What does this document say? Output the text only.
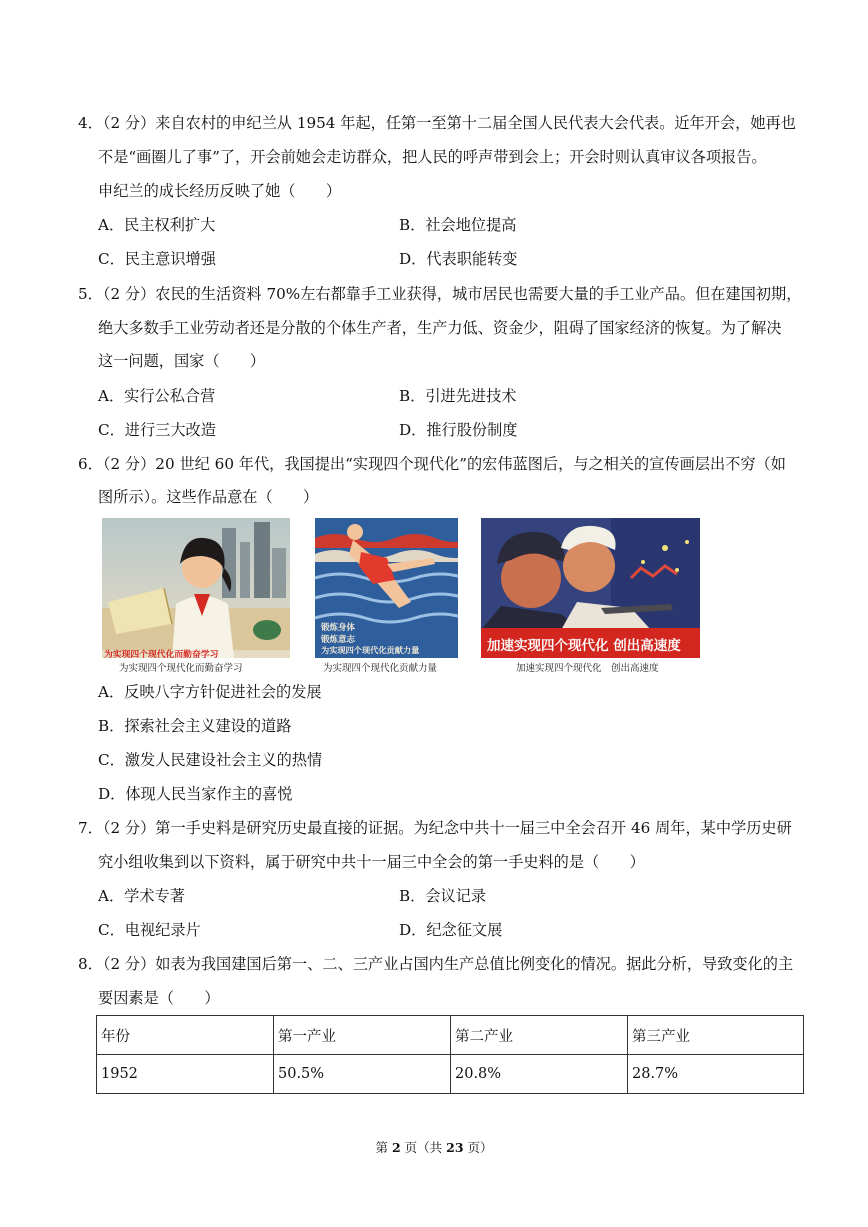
4．（2 分）来自农村的申纪兰从 1954 年起，任第一至第十二届全国人民代表大会代表。近年开会，她再也
不是“画圈儿了事”了，开会前她会走访群众，把人民的呼声带到会上；开会时则认真审议各项报告。
申纪兰的成长经历反映了她（　　）
A．民主权利扩大	B．社会地位提高
C．民主意识增强	D．代表职能转变
5．（2 分）农民的生活资料 70%左右都靠手工业获得，城市居民也需要大量的手工业产品。但在建国初期，
绝大多数手工业劳动者还是分散的个体生产者，生产力低、资金少，阻碍了国家经济的恢复。为了解决
这一问题，国家（　　）
A．实行公私合营	B．引进先进技术
C．进行三大改造	D．推行股份制度
6．（2 分）20 世纪 60 年代，我国提出“实现四个现代化”的宏伟蓝图后，与之相关的宣传画层出不穷（如
图所示）。这些作品意在（　　）
为实现四个现代化而勤奋学习
为实现四个现代化而勤奋学习
锻炼身体
锻炼意志
为实现四个现代化贡献力量
为实现四个现代化贡献力量
加速实现四个现代化 创出高速度
加速实现四个现代化　创出高速度
A．反映八字方针促进社会的发展
B．探索社会主义建设的道路
C．激发人民建设社会主义的热情
D．体现人民当家作主的喜悦
7．（2 分）第一手史料是研究历史最直接的证据。为纪念中共十一届三中全会召开 46 周年，某中学历史研
究小组收集到以下资料，属于研究中共十一届三中全会的第一手史料的是（　　）
A．学术专著	B．会议记录
C．电视纪录片	D．纪念征文展
8．（2 分）如表为我国建国后第一、二、三产业占国内生产总值比例变化的情况。据此分析，导致变化的主
要因素是（　　）
年份	第一产业	第二产业	第三产业
1952	50.5%	20.8%	28.7%
第 2 页（共 23 页）
